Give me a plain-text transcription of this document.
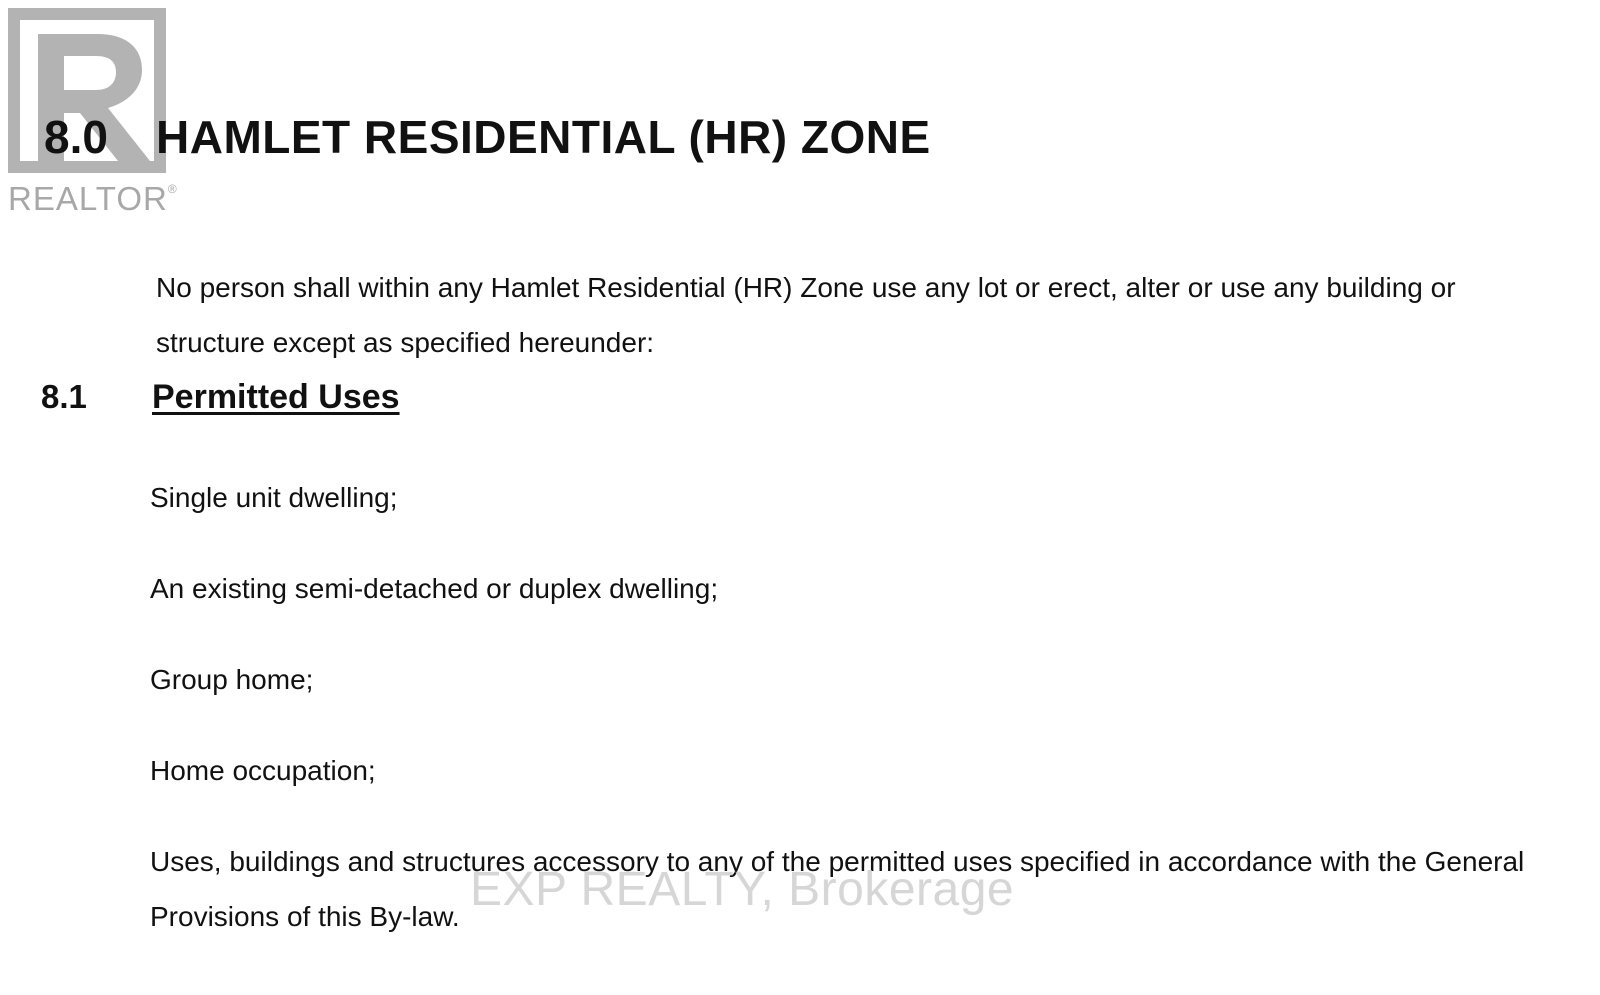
REALTOR®
8.0 HAMLET RESIDENTIAL (HR) ZONE

No person shall within any Hamlet Residential (HR) Zone use any lot or erect, alter or use any building or structure except as specified hereunder:

8.1 Permitted Uses
Single unit dwelling;
An existing semi-detached or duplex dwelling;
Group home;
Home occupation;
Uses, buildings and structures accessory to any of the permitted uses specified in accordance with the General Provisions of this By-law.
EXP REALTY, Brokerage
